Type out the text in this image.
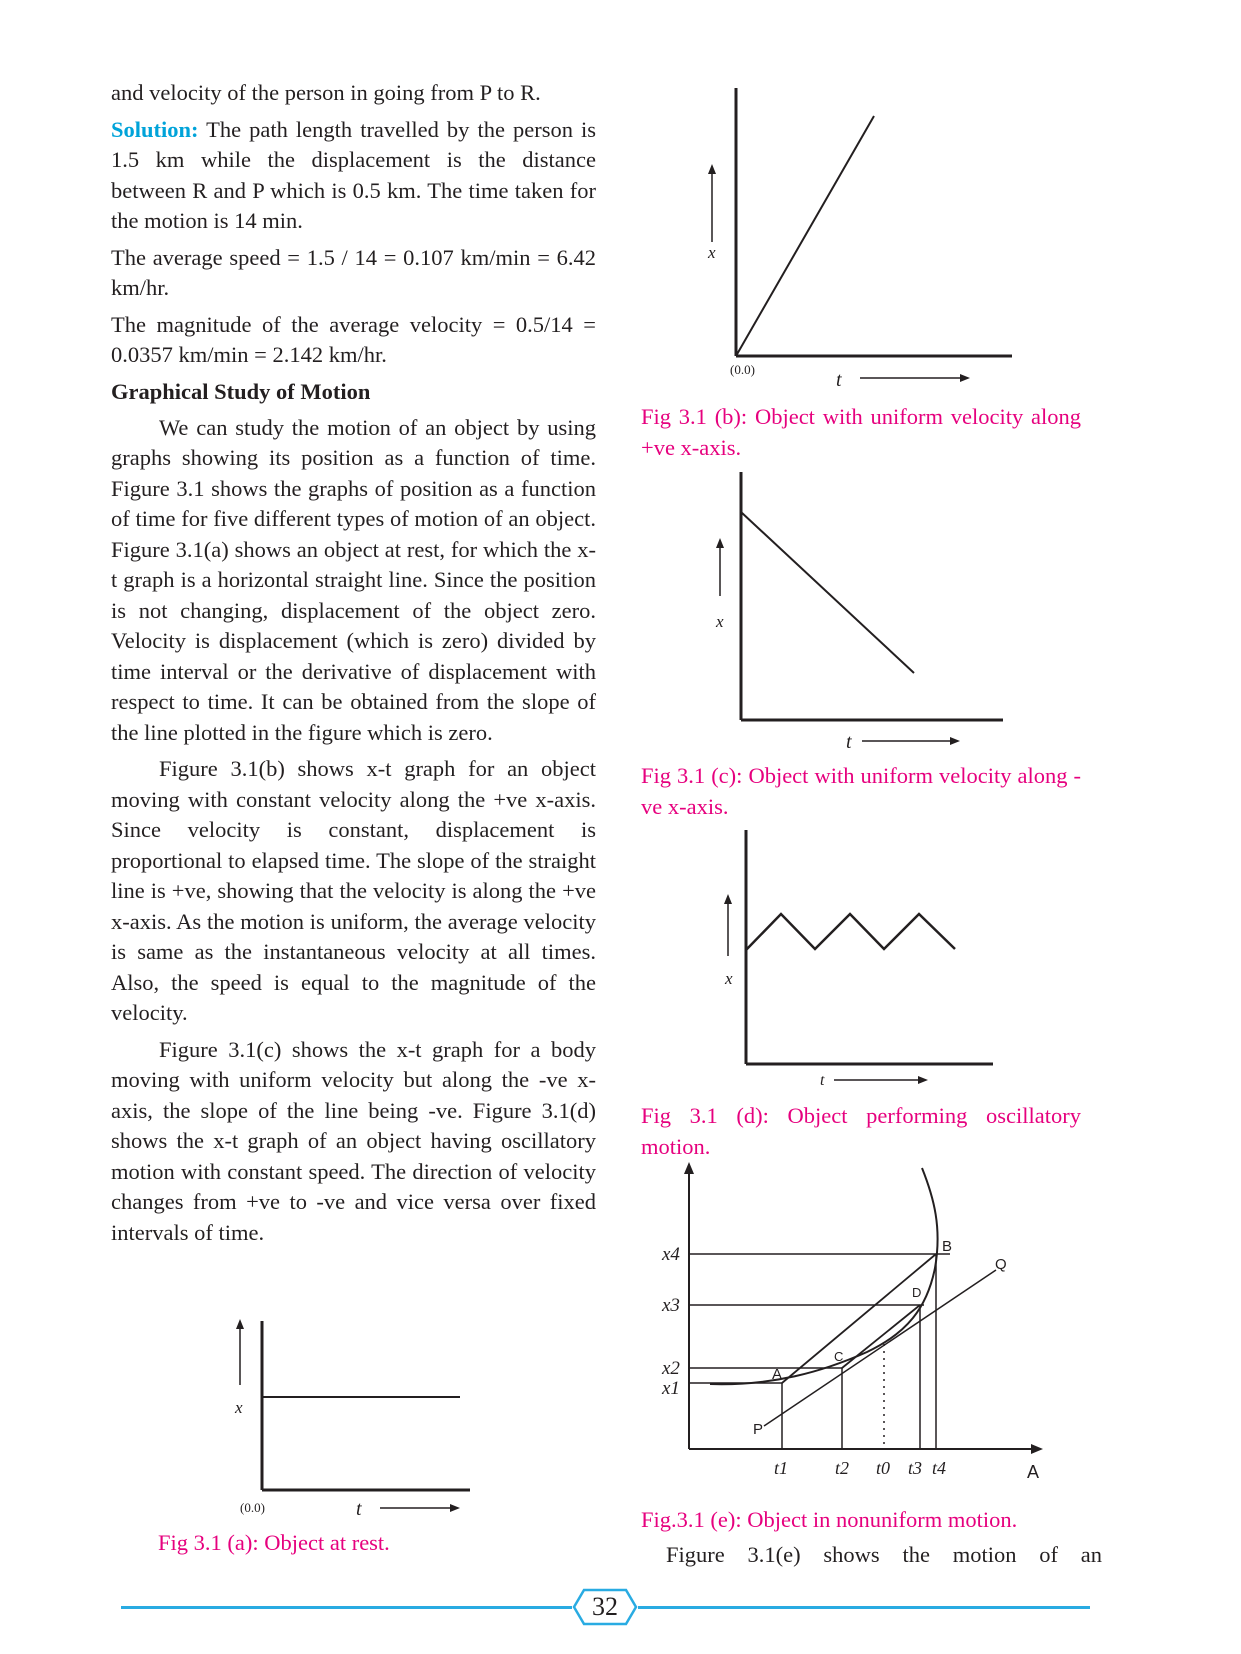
and velocity of the person in going from P to R.

Solution: The path length travelled by the person is 1.5 km while the displacement is the distance between R and P which is 0.5 km. The time taken for the motion is 14 min.

The average speed = 1.5 / 14 = 0.107 km/min = 6.42 km/hr.

The magnitude of the average velocity = 0.5/14 = 0.0357 km/min = 2.142 km/hr.

Graphical Study of Motion

We can study the motion of an object by using graphs showing its position as a function of time. Figure 3.1 shows the graphs of position as a function of time for five different types of motion of an object. Figure 3.1(a) shows an object at rest, for which the x-t graph is a horizontal straight line. Since the position is not changing, displacement of the object zero. Velocity is displacement (which is zero) divided by time interval or the derivative of displacement with respect to time. It can be obtained from the slope of the line plotted in the figure which is zero.

Figure 3.1(b) shows x-t graph for an object moving with constant velocity along the +ve x-axis. Since velocity is constant, displacement is proportional to elapsed time. The slope of the straight line is +ve, showing that the velocity is along the +ve x-axis. As the motion is uniform, the average velocity is same as the instantaneous velocity at all times. Also, the speed is equal to the magnitude of the velocity.

Figure 3.1(c) shows the x-t graph for a body moving with uniform velocity but along the -ve x-axis, the slope of the line being -ve. Figure 3.1(d) shows the x-t graph of an object having oscillatory motion with constant speed. The direction of velocity changes from +ve to -ve and vice versa over fixed intervals of time.

x
(0.0)	t
x
(0.0)	t
Fig 3.1 (b): Object with uniform velocity along +ve x-axis.
x
t
Fig 3.1 (c): Object with uniform velocity along -ve x-axis.
x
t
Fig 3.1 (d): Object performing oscillatory motion.
x4
x3
x2
x1
t1	t2 t0 t3 t4
A
B
C
D
P
Q
A
Fig.3.1 (e): Object in nonuniform motion.
Figure 3.1(e) shows the motion of an
Fig 3.1 (a): Object at rest.
32
